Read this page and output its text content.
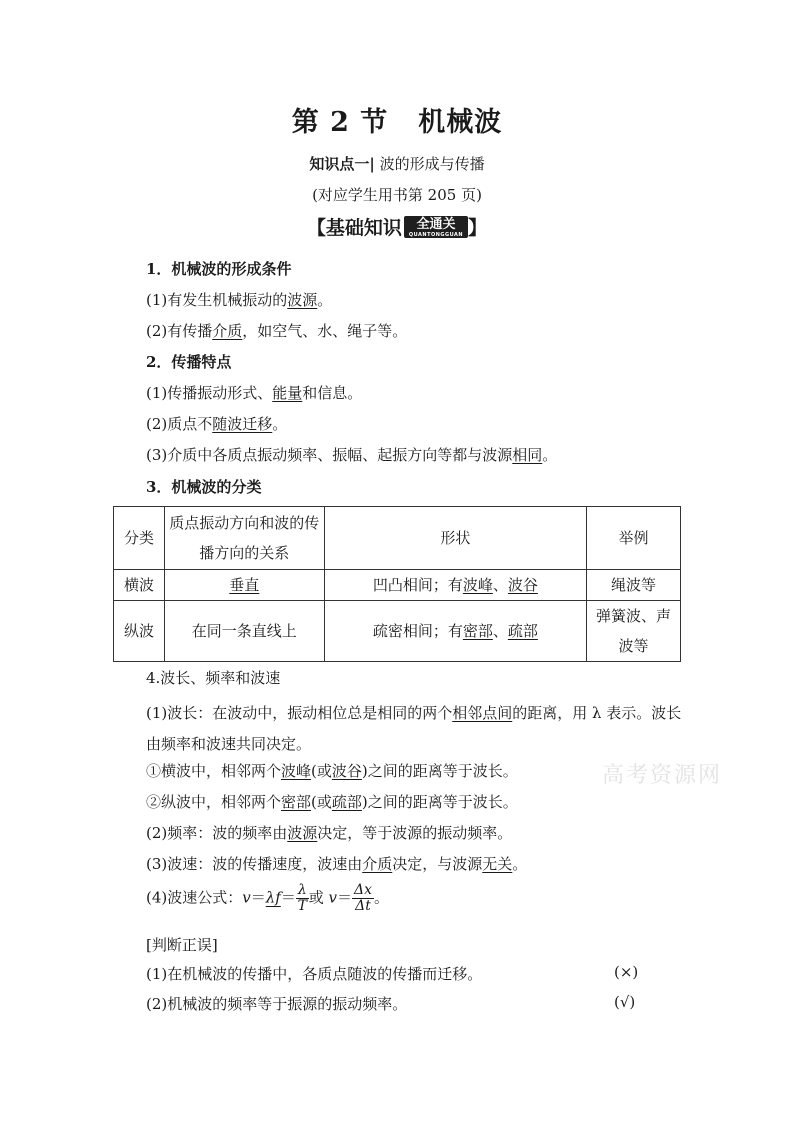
第 2 节 机械波
知识点一| 波的形成与传播
(对应学生用书第 205 页)
【基础知识 全通关
QUANTONGGUAN 】
1．机械波的形成条件
(1)有发生机械振动的波源。
(2)有传播介质，如空气、水、绳子等。
2．传播特点
(1)传播振动形式、能量和信息。
(2)质点不随波迁移。
(3)介质中各质点振动频率、振幅、起振方向等都与波源相同。
3．机械波的分类
分类	质点振动方向和波的传播方向的关系	形状	举例
横波	垂直	凹凸相间；有波峰、波谷	绳波等
纵波	在同一条直线上	疏密相间；有密部、疏部	弹簧波、声波等
4.波长、频率和波速
(1)波长：在波动中，振动相位总是相同的两个相邻点间的距离，用 λ 表示。波长由频率和波速共同决定。
①横波中，相邻两个波峰(或波谷)之间的距离等于波长。
②纵波中，相邻两个密部(或疏部)之间的距离等于波长。
(2)频率：波的频率由波源决定，等于波源的振动频率。
(3)波速：波的传播速度，波速由介质决定，与波源无关。
(4)波速公式：$v=\lambda f= \frac{\lambda}{T}$ 或 $v= \frac{\Delta x}{\Delta t}$ 。
[判断正误]
(1)在机械波的传播中，各质点随波的传播而迁移。	(×)
(2)机械波的频率等于振源的振动频率。	(√)
高考资源网
